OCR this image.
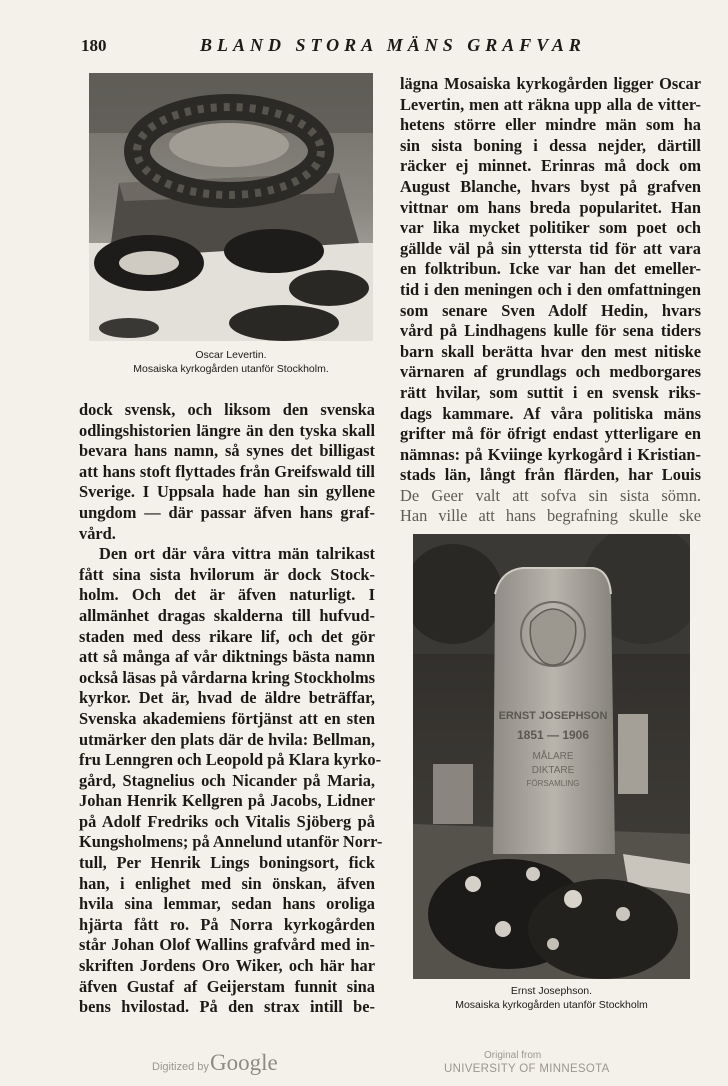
180	BLAND STORA MÄNS GRAFVAR
Oscar Levertin.
Mosaiska kyrkogården utanför Stockholm.
dock svensk, och liksom den svenska
odlingshistorien längre än den tyska skall
bevara hans namn, så synes det billigast
att hans stoft flyttades från Greifswald till
Sverige. I Uppsala hade han sin gyllene
ungdom — där passar äfven hans graf-
vård.
Den ort där våra vittra män talrikast
fått sina sista hvilorum är dock Stock-
holm. Och det är äfven naturligt. I
allmänhet dragas skalderna till hufvud-
staden med dess rikare lif, och det gör
att så många af vår diktnings bästa namn
också läsas på vårdarna kring Stockholms
kyrkor. Det är, hvad de äldre beträffar,
Svenska akademiens förtjänst att en sten
utmärker den plats där de hvila: Bellman,
fru Lenngren och Leopold på Klara kyrko-
gård, Stagnelius och Nicander på Maria,
Johan Henrik Kellgren på Jacobs, Lidner
på Adolf Fredriks och Vitalis Sjöberg på
Kungsholmens; på Annelund utanför Norr-
tull, Per Henrik Lings boningsort, fick
han, i enlighet med sin önskan, äfven
hvila sina lemmar, sedan hans oroliga
hjärta fått ro. På Norra kyrkogården
står Johan Olof Wallins grafvård med in-
skriften Jordens Oro Wiker, och här har
äfven Gustaf af Geijerstam funnit sina
bens hvilostad. På den strax intill be-
lägna Mosaiska kyrkogården ligger Oscar
Levertin, men att räkna upp alla de vitter-
hetens större eller mindre män som ha
sin sista boning i dessa nejder, därtill
räcker ej minnet. Erinras må dock om
August Blanche, hvars byst på grafven
vittnar om hans breda popularitet. Han
var lika mycket politiker som poet och
gällde väl på sin yttersta tid för att vara
en folktribun. Icke var han det emeller-
tid i den meningen och i den omfattningen
som senare Sven Adolf Hedin, hvars
vård på Lindhagens kulle för sena tiders
barn skall berätta hvar den mest nitiske
värnaren af grundlags och medborgares
rätt hvilar, som suttit i en svensk riks-
dags kammare. Af våra politiska mäns
grifter må för öfrigt endast ytterligare en
nämnas: på Kviinge kyrkogård i Kristian-
stads län, långt från flärden, har Louis
De Geer valt att sofva sin sista sömn.
Han ville att hans begrafning skulle ske
ERNST JOSEPHSON
1851 — 1906
MÅLARE
DIKTARE
FÖRSAMLING
Ernst Josephson.
Mosaiska kyrkogården utanför Stockholm
Digitized by Google	Original from
UNIVERSITY OF MINNESOTA
